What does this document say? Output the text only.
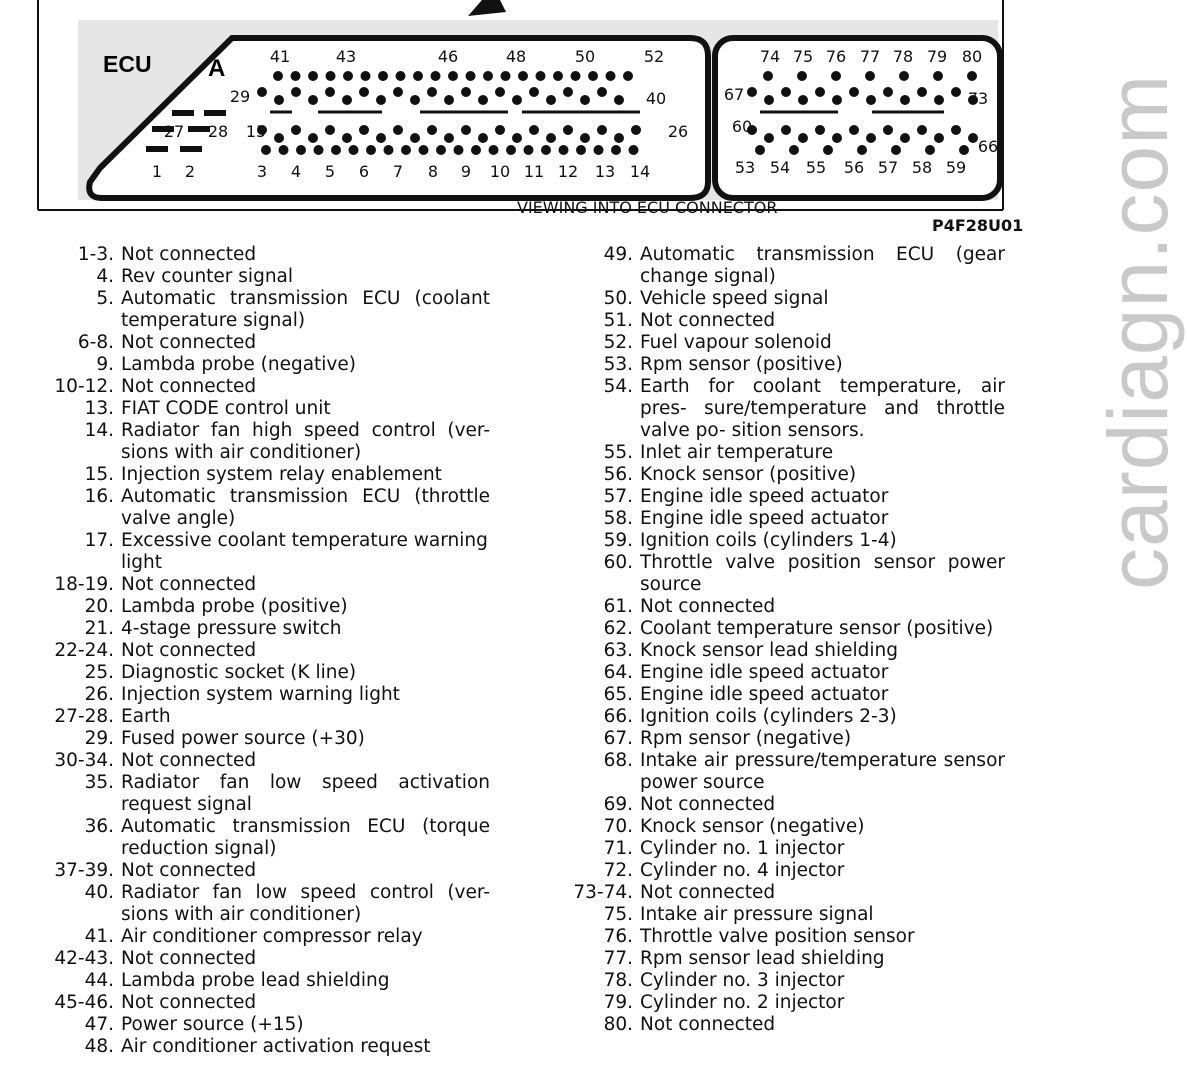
ECU A
VIEWING INTO ECU CONNECTOR
P4F28U01
41	43	46	48	50	52
29	40
27 28 15	26
1 2	3 4 5 6 7 8 9 10 11 12 13 14
74 75 76 77 78 79 80
67	73
60
66
53 54 55 56 57 58 59
1-3. Not connected
4. Rev counter signal
5. Automatic transmission ECU (coolant temperature signal)
6-8. Not connected
9. Lambda probe (negative)
10-12. Not connected
13. FIAT CODE control unit
14. Radiator fan high speed control (ver- sions with air conditioner)
15. Injection system relay enablement
16. Automatic transmission ECU (throttle valve angle)
17. Excessive coolant temperature warning light
18-19. Not connected
20. Lambda probe (positive)
21. 4-stage pressure switch
22-24. Not connected
25. Diagnostic socket (K line)
26. Injection system warning light
27-28. Earth
29. Fused power source (+30)
30-34. Not connected
35. Radiator fan low speed activation request signal
36. Automatic transmission ECU (torque reduction signal)
37-39. Not connected
40. Radiator fan low speed control (ver- sions with air conditioner)
41. Air conditioner compressor relay
42-43. Not connected
44. Lambda probe lead shielding
45-46. Not connected
47. Power source (+15)
48. Air conditioner activation request
49. Automatic transmission ECU (gear change signal)
50. Vehicle speed signal
51. Not connected
52. Fuel vapour solenoid
53. Rpm sensor (positive)
54. Earth for coolant temperature, air pres- sure/temperature and throttle valve po- sition sensors.
55. Inlet air temperature
56. Knock sensor (positive)
57. Engine idle speed actuator
58. Engine idle speed actuator
59. Ignition coils (cylinders 1-4)
60. Throttle valve position sensor power source
61. Not connected
62. Coolant temperature sensor (positive)
63. Knock sensor lead shielding
64. Engine idle speed actuator
65. Engine idle speed actuator
66. Ignition coils (cylinders 2-3)
67. Rpm sensor (negative)
68. Intake air pressure/temperature sensor power source
69. Not connected
70. Knock sensor (negative)
71. Cylinder no. 1 injector
72. Cylinder no. 4 injector
73-74. Not connected
75. Intake air pressure signal
76. Throttle valve position sensor
77. Rpm sensor lead shielding
78. Cylinder no. 3 injector
79. Cylinder no. 2 injector
80. Not connected
cardiagn.com
